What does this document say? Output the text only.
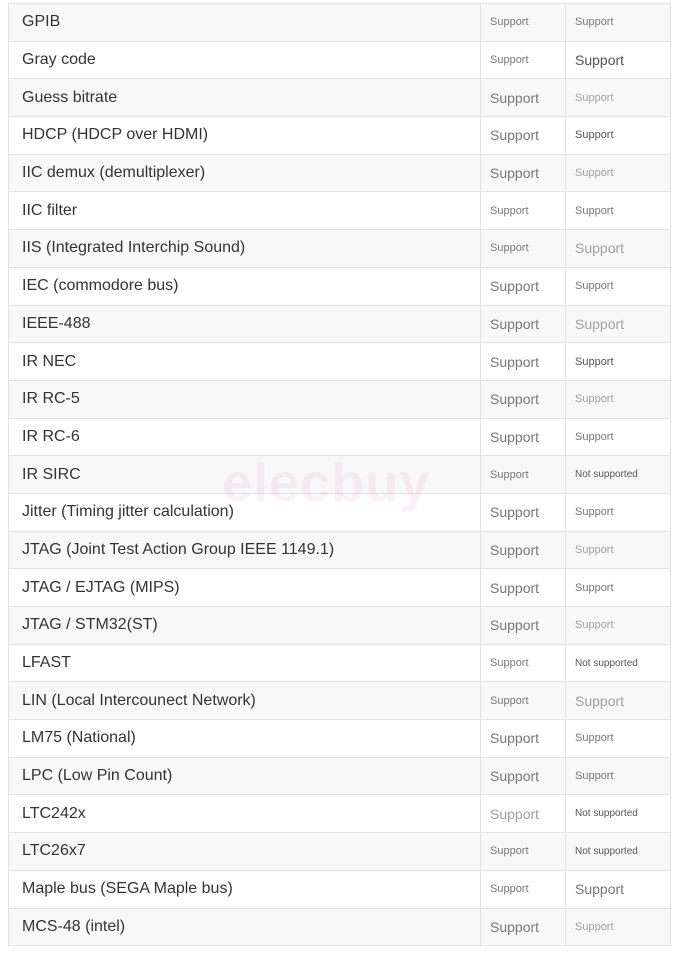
GPIB	Support	Support
Gray code	Support	Support
Guess bitrate	Support	Support
HDCP (HDCP over HDMI)	Support	Support
IIC demux (demultiplexer)	Support	Support
IIC filter	Support	Support
IIS (Integrated Interchip Sound)	Support	Support
IEC (commodore bus)	Support	Support
IEEE-488	Support	Support
IR NEC	Support	Support
IR RC-5	Support	Support
IR RC-6	Support	Support
IR SIRC	Support	Not supported
Jitter (Timing jitter calculation)	Support	Support
JTAG (Joint Test Action Group IEEE 1149.1)	Support	Support
JTAG / EJTAG (MIPS)	Support	Support
JTAG / STM32(ST)	Support	Support
LFAST	Support	Not supported
LIN (Local Intercounect Network)	Support	Support
LM75 (National)	Support	Support
LPC (Low Pin Count)	Support	Support
LTC242x	Support	Not supported
LTC26x7	Support	Not supported
Maple bus (SEGA Maple bus)	Support	Support
MCS-48 (intel)	Support	Support
